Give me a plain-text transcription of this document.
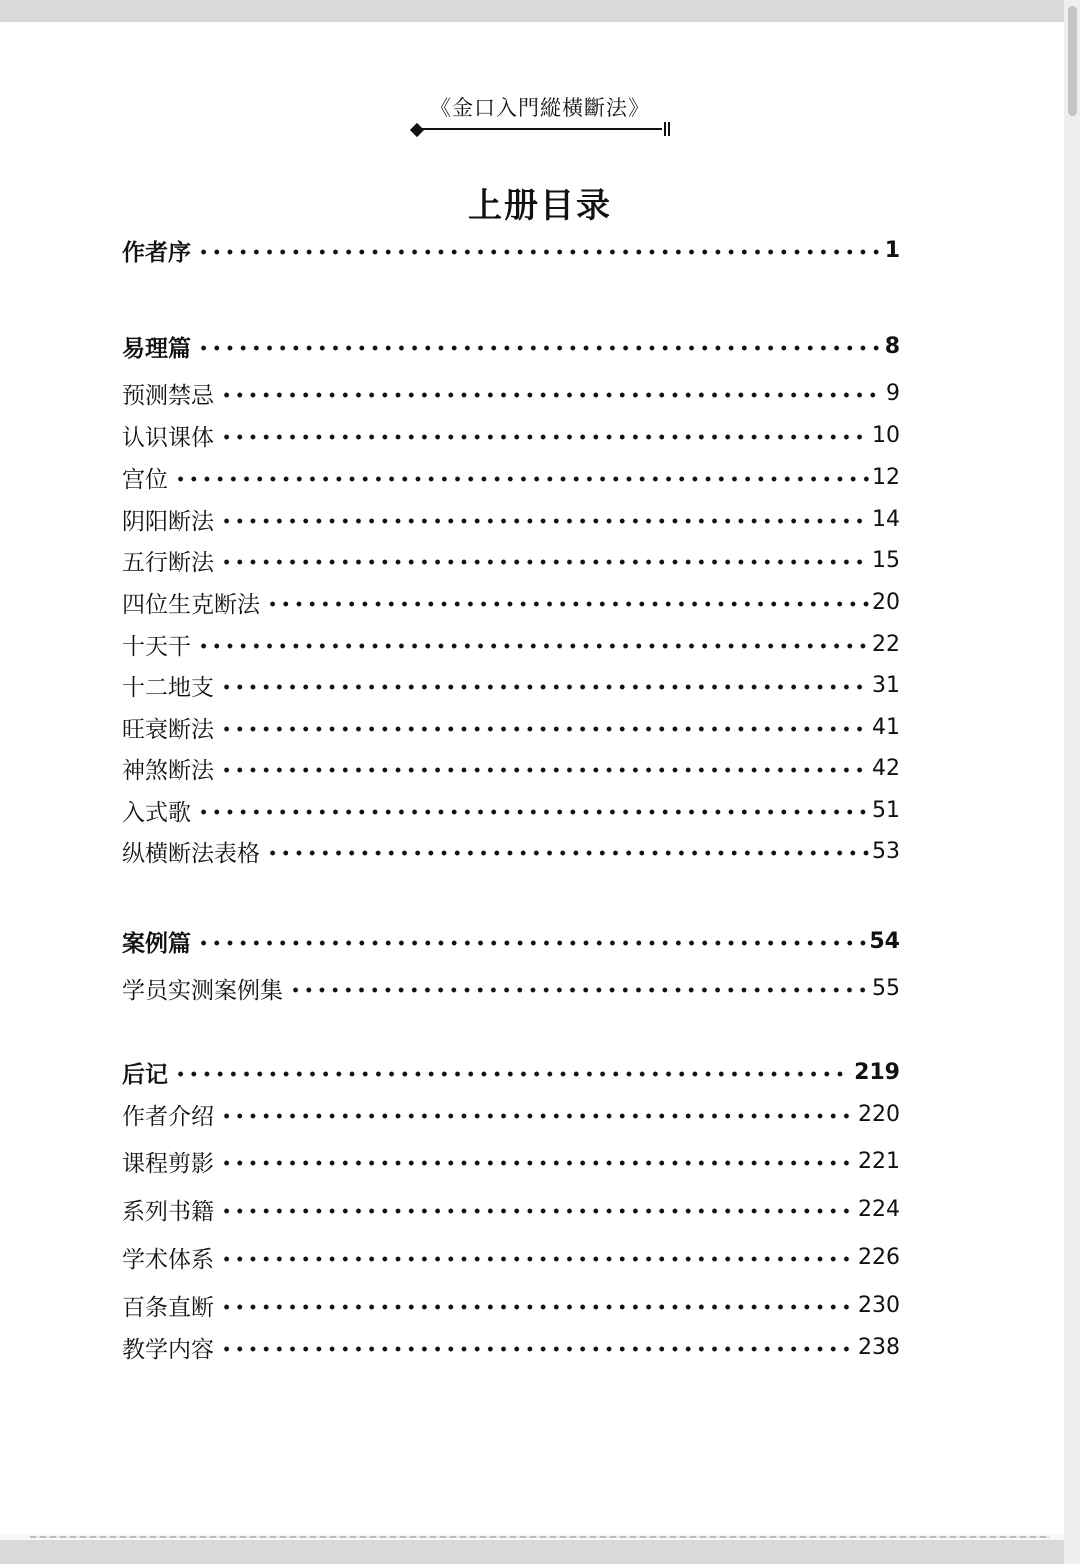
《金口入門縱橫斷法》
上册目录
作者序	1
易理篇	8
预测禁忌	9
认识课体	10
宫位	12
阴阳断法	14
五行断法	15
四位生克断法	20
十天干	22
十二地支	31
旺衰断法	41
神煞断法	42
入式歌	51
纵横断法表格	53
案例篇	54
学员实测案例集	55
后记	219
作者介绍	220
课程剪影	221
系列书籍	224
学术体系	226
百条直断	230
教学内容	238
